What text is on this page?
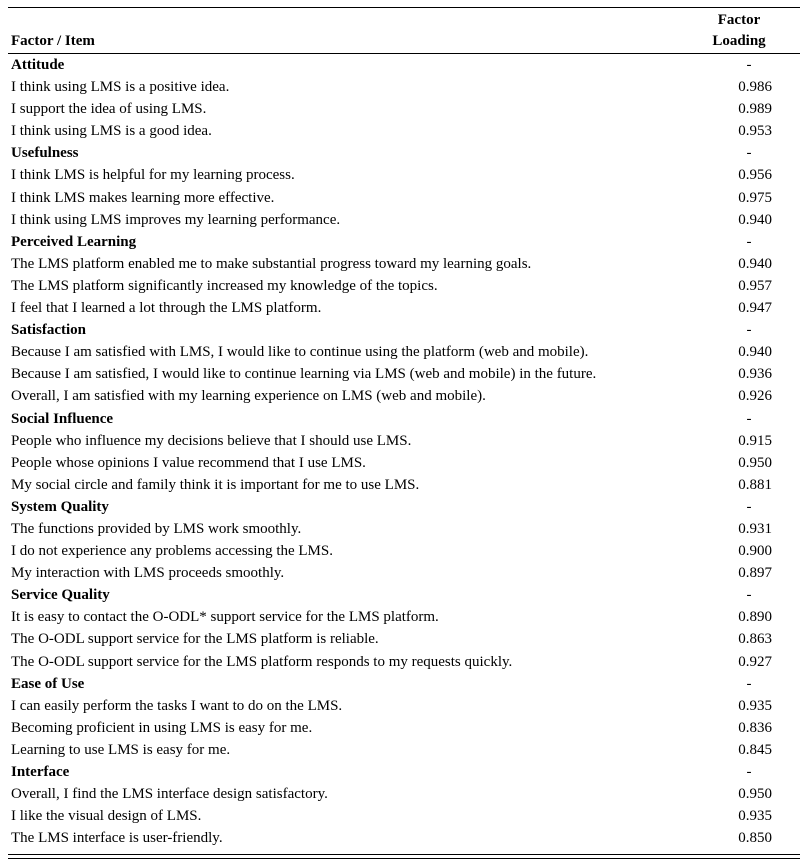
Factor / Item
Factor
Loading
Attitude	-
I think using LMS is a positive idea.	0.986
I support the idea of using LMS.	0.989
I think using LMS is a good idea.	0.953
Usefulness	-
I think LMS is helpful for my learning process.	0.956
I think LMS makes learning more effective.	0.975
I think using LMS improves my learning performance.	0.940
Perceived Learning	-
The LMS platform enabled me to make substantial progress toward my learning goals.	0.940
The LMS platform significantly increased my knowledge of the topics.	0.957
I feel that I learned a lot through the LMS platform.	0.947
Satisfaction	-
Because I am satisfied with LMS, I would like to continue using the platform (web and mobile).	0.940
Because I am satisfied, I would like to continue learning via LMS (web and mobile) in the future.	0.936
Overall, I am satisfied with my learning experience on LMS (web and mobile).	0.926
Social Influence	-
People who influence my decisions believe that I should use LMS.	0.915
People whose opinions I value recommend that I use LMS.	0.950
My social circle and family think it is important for me to use LMS.	0.881
System Quality	-
The functions provided by LMS work smoothly.	0.931
I do not experience any problems accessing the LMS.	0.900
My interaction with LMS proceeds smoothly.	0.897
Service Quality	-
It is easy to contact the O-ODL* support service for the LMS platform.	0.890
The O-ODL support service for the LMS platform is reliable.	0.863
The O-ODL support service for the LMS platform responds to my requests quickly.	0.927
Ease of Use	-
I can easily perform the tasks I want to do on the LMS.	0.935
Becoming proficient in using LMS is easy for me.	0.836
Learning to use LMS is easy for me.	0.845
Interface	-
Overall, I find the LMS interface design satisfactory.	0.950
I like the visual design of LMS.	0.935
The LMS interface is user-friendly.	0.850
